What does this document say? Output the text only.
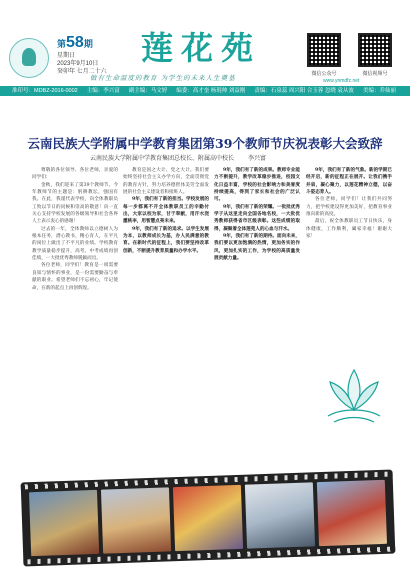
第58期
星期日
2023年9月10日
癸卯年 七月二十六
莲花苑
做有生命温度的教育 为学生的未来人生奠基	微信公众号	微信视频号
www.ynmdfz.net
准印号：MDBZ-2016-0002 主编：李兴富 副主编：马文婷 编委：高才奎 杨琨帅 刘益刚 责编：石泉蕊 周兴阳 合玉蓉 忽晓 袁从波 美编：乔仙丽
云南民族大学附属中学教育集团第39个教师节庆祝表彰大会致辞
云南民族大学附属中学教育集团总校长、附属高中校长 李兴富

尊敬的各位领导、各位老师，亲爱的同学们：

金秋，我们迎来了第39个教师节。今年教师节的主题是：躬耕教坛，强国有我。在此，我谨代表学校，向全体教职员工致以节日的问候和崇高的敬意！向一直关心支持学校发展的各级领导和社会各界人士表示衷心的感谢！

过去的一年，全体教师以立德树人为根本任务，潜心教书，精心育人，在平凡的岗位上做出了不平凡的业绩。学校教育教学质量稳步提升，高考、中考成绩再创佳绩，一大批优秀教师脱颖而出。

各位老师，同学们！教育是一项需要良知与情怀的事业，是一份需要勤奋与奉献的职业。希望老师们不忘初心，牢记使命，在新的起点上再创辉煌。

教育是国之大计、党之大计。我们要始终坚持社会主义办学方向，全面贯彻党的教育方针，努力培养德智体美劳全面发展的社会主义建设者和接班人。

9年，我们有了新的担当。学校发展的每一步都离不开全体教职员工的辛勤付出，大家以校为家，甘于奉献，用汗水浇灌桃李，用智慧点亮未来。

9年，我们有了新的追求。以学生发展为本，以教师成长为基，办人民满意的教育。在新时代的征程上，我们要坚持改革创新，不断提升教育质量和办学水平。

9年，我们有了新的成果。教师专业能力不断提升，教学改革稳步推进，校园文化日益丰富，学校的社会影响力和美誉度持续提高，得到了家长和社会的广泛认可。

9年，我们有了新的荣耀。一批批优秀学子从这里走向全国各地名校，一大批优秀教师获得省市区级表彰。这些成绩的取得，凝聚着全体莲苑人的心血与汗水。

9年，我们有了新的期待。面向未来，我们要以更加饱满的热情，更加务实的作风，更加扎实的工作，为学校的高质量发展贡献力量。

9年，我们有了新的气象。新的学期已经开启，新的征程正在展开。让我们携手并肩，凝心聚力，以莲花精神立德，以奋斗姿态育人。

各位老师，同学们！让我们共同努力，把学校建设得更加美好，把教育事业推向新的高度。

最后，祝全体教职员工节日快乐，身体健康，工作顺利，阖家幸福！谢谢大家！
